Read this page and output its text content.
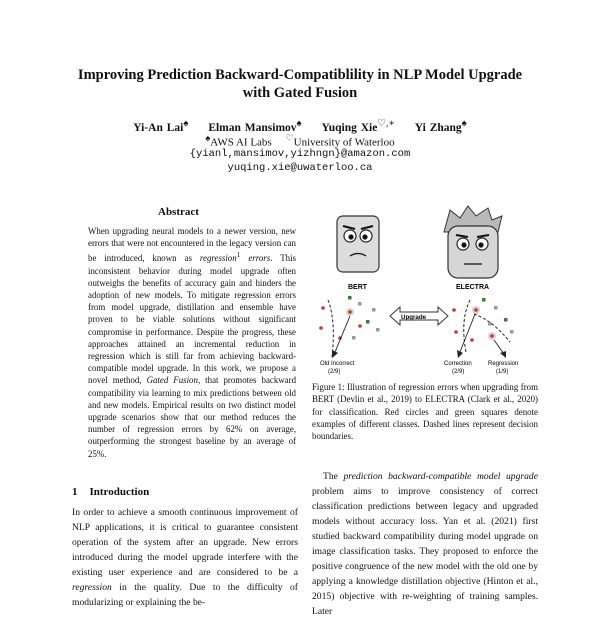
Improving Prediction Backward-Compatiblility in NLP Model Upgrade
with Gated Fusion
Yi-An Lai♠ Elman Mansimov♠ Yuqing Xie♡,∗ Yi Zhang♠
♠AWS AI Labs ♡University of Waterloo
{yianl,mansimov,yizhngn}@amazon.com
yuqing.xie@uwaterloo.ca
Abstract
When upgrading neural models to a newer version, new errors that were not encountered in the legacy version can be introduced, known as regression$^1$ errors. This inconsistent behavior during model upgrade often outweighs the benefits of accuracy gain and hinders the adoption of new models. To mitigate regression errors from model upgrade, distillation and ensemble have proven to be viable solutions without significant compromise in performance. Despite the progress, these approaches attained an incremental reduction in regression which is still far from achieving backward-compatible model upgrade. In this work, we propose a novel method, Gated Fusion, that promotes backward compatibility via learning to mix predictions between old and new models. Empirical results on two distinct model upgrade scenarios show that our method reduces the number of regression errors by 62% on average, outperforming the strongest baseline by an average of 25%.
1 Introduction
In order to achieve a smooth continuous improvement of NLP applications, it is critical to guarantee consistent operation of the system after an upgrade. New errors introduced during the model upgrade interfere with the existing user experience and are considered to be a regression in the quality. Due to the difficulty of modularizing or explaining the be-
BERT	ELECTRA
Old Incorrect
(2/9)
Upgrade
Correction
(2/9)
Regression
(1/9)
Figure 1: Illustration of regression errors when upgrading from BERT (Devlin et al., 2019) to ELECTRA (Clark et al., 2020) for classification. Red circles and green squares denote examples of different classes. Dashed lines represent decision boundaries.
The prediction backward-compatible model upgrade problem aims to improve consistency of correct classification predictions between legacy and upgraded models without accuracy loss. Yan et al. (2021) first studied backward compatibility during model upgrade on image classification tasks. They proposed to enforce the positive congruence of the new model with the old one by applying a knowledge distillation objective (Hinton et al., 2015) objective with re-weighting of training samples. Later
